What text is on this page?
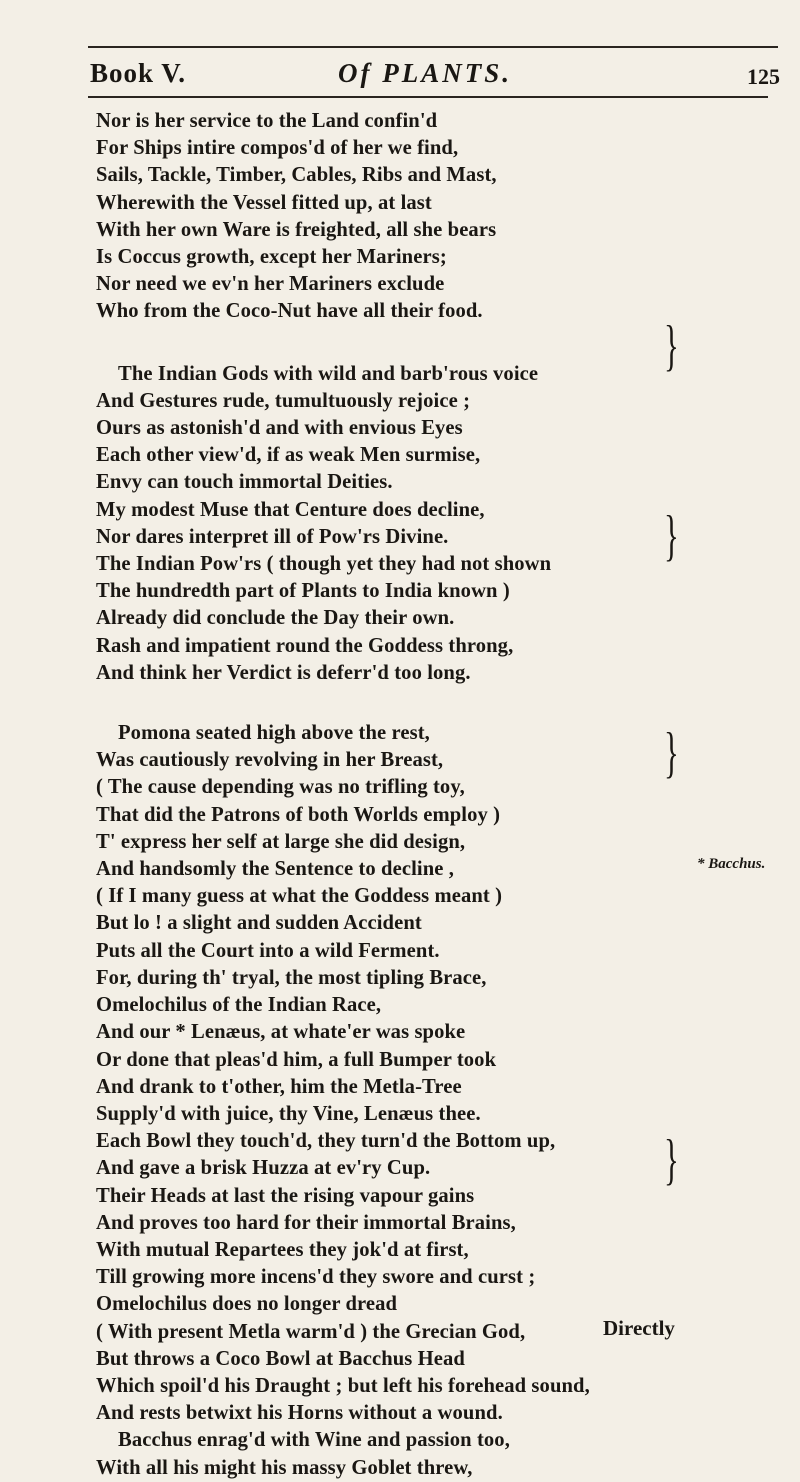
Book V.	Of PLANTS.	125
Nor is her service to the Land confin'd
For Ships intire compos'd of her we find,
Sails, Tackle, Timber, Cables, Ribs and Mast,
Wherewith the Vessel fitted up, at last
With her own Ware is freighted, all she bears
Is Coccus growth, except her Mariners;
Nor need we ev'n her Mariners exclude
Who from the Coco-Nut have all their food.
The Indian Gods with wild and barb'rous voice
And Gestures rude, tumultuously rejoice ;
Ours as astonish'd and with envious Eyes
Each other view'd, if as weak Men surmise,
Envy can touch immortal Deities.
My modest Muse that Centure does decline,
Nor dares interpret ill of Pow'rs Divine.
The Indian Pow'rs ( though yet they had not shown
The hundredth part of Plants to India known )
Already did conclude the Day their own.
Rash and impatient round the Goddess throng,
And think her Verdict is deferr'd too long.
Pomona seated high above the rest,
Was cautiously revolving in her Breast,
( The cause depending was no trifling toy,
That did the Patrons of both Worlds employ )
T' express her self at large she did design,
And handsomly the Sentence to decline ,
( If I many guess at what the Goddess meant )
But lo ! a slight and sudden Accident
Puts all the Court into a wild Ferment.
For, during th' tryal, the most tipling Brace,
Omelochilus of the Indian Race,
And our * Lenæus, at whate'er was spoke
Or done that pleas'd him, a full Bumper took
And drank to t'other, him the Metla-Tree
Supply'd with juice, thy Vine, Lenæus thee.
Each Bowl they touch'd, they turn'd the Bottom up,
And gave a brisk Huzza at ev'ry Cup.
Their Heads at last the rising vapour gains
And proves too hard for their immortal Brains,
With mutual Repartees they jok'd at first,
Till growing more incens'd they swore and curst ;
Omelochilus does no longer dread
( With present Metla warm'd ) the Grecian God,
But throws a Coco Bowl at Bacchus Head
Which spoil'd his Draught ; but left his forehead sound,
And rests betwixt his Horns without a wound.
Bacchus enrag'd with Wine and passion too,
With all his might his massy Goblet threw,
}
}
}
}
* Bacchus.
Directly
